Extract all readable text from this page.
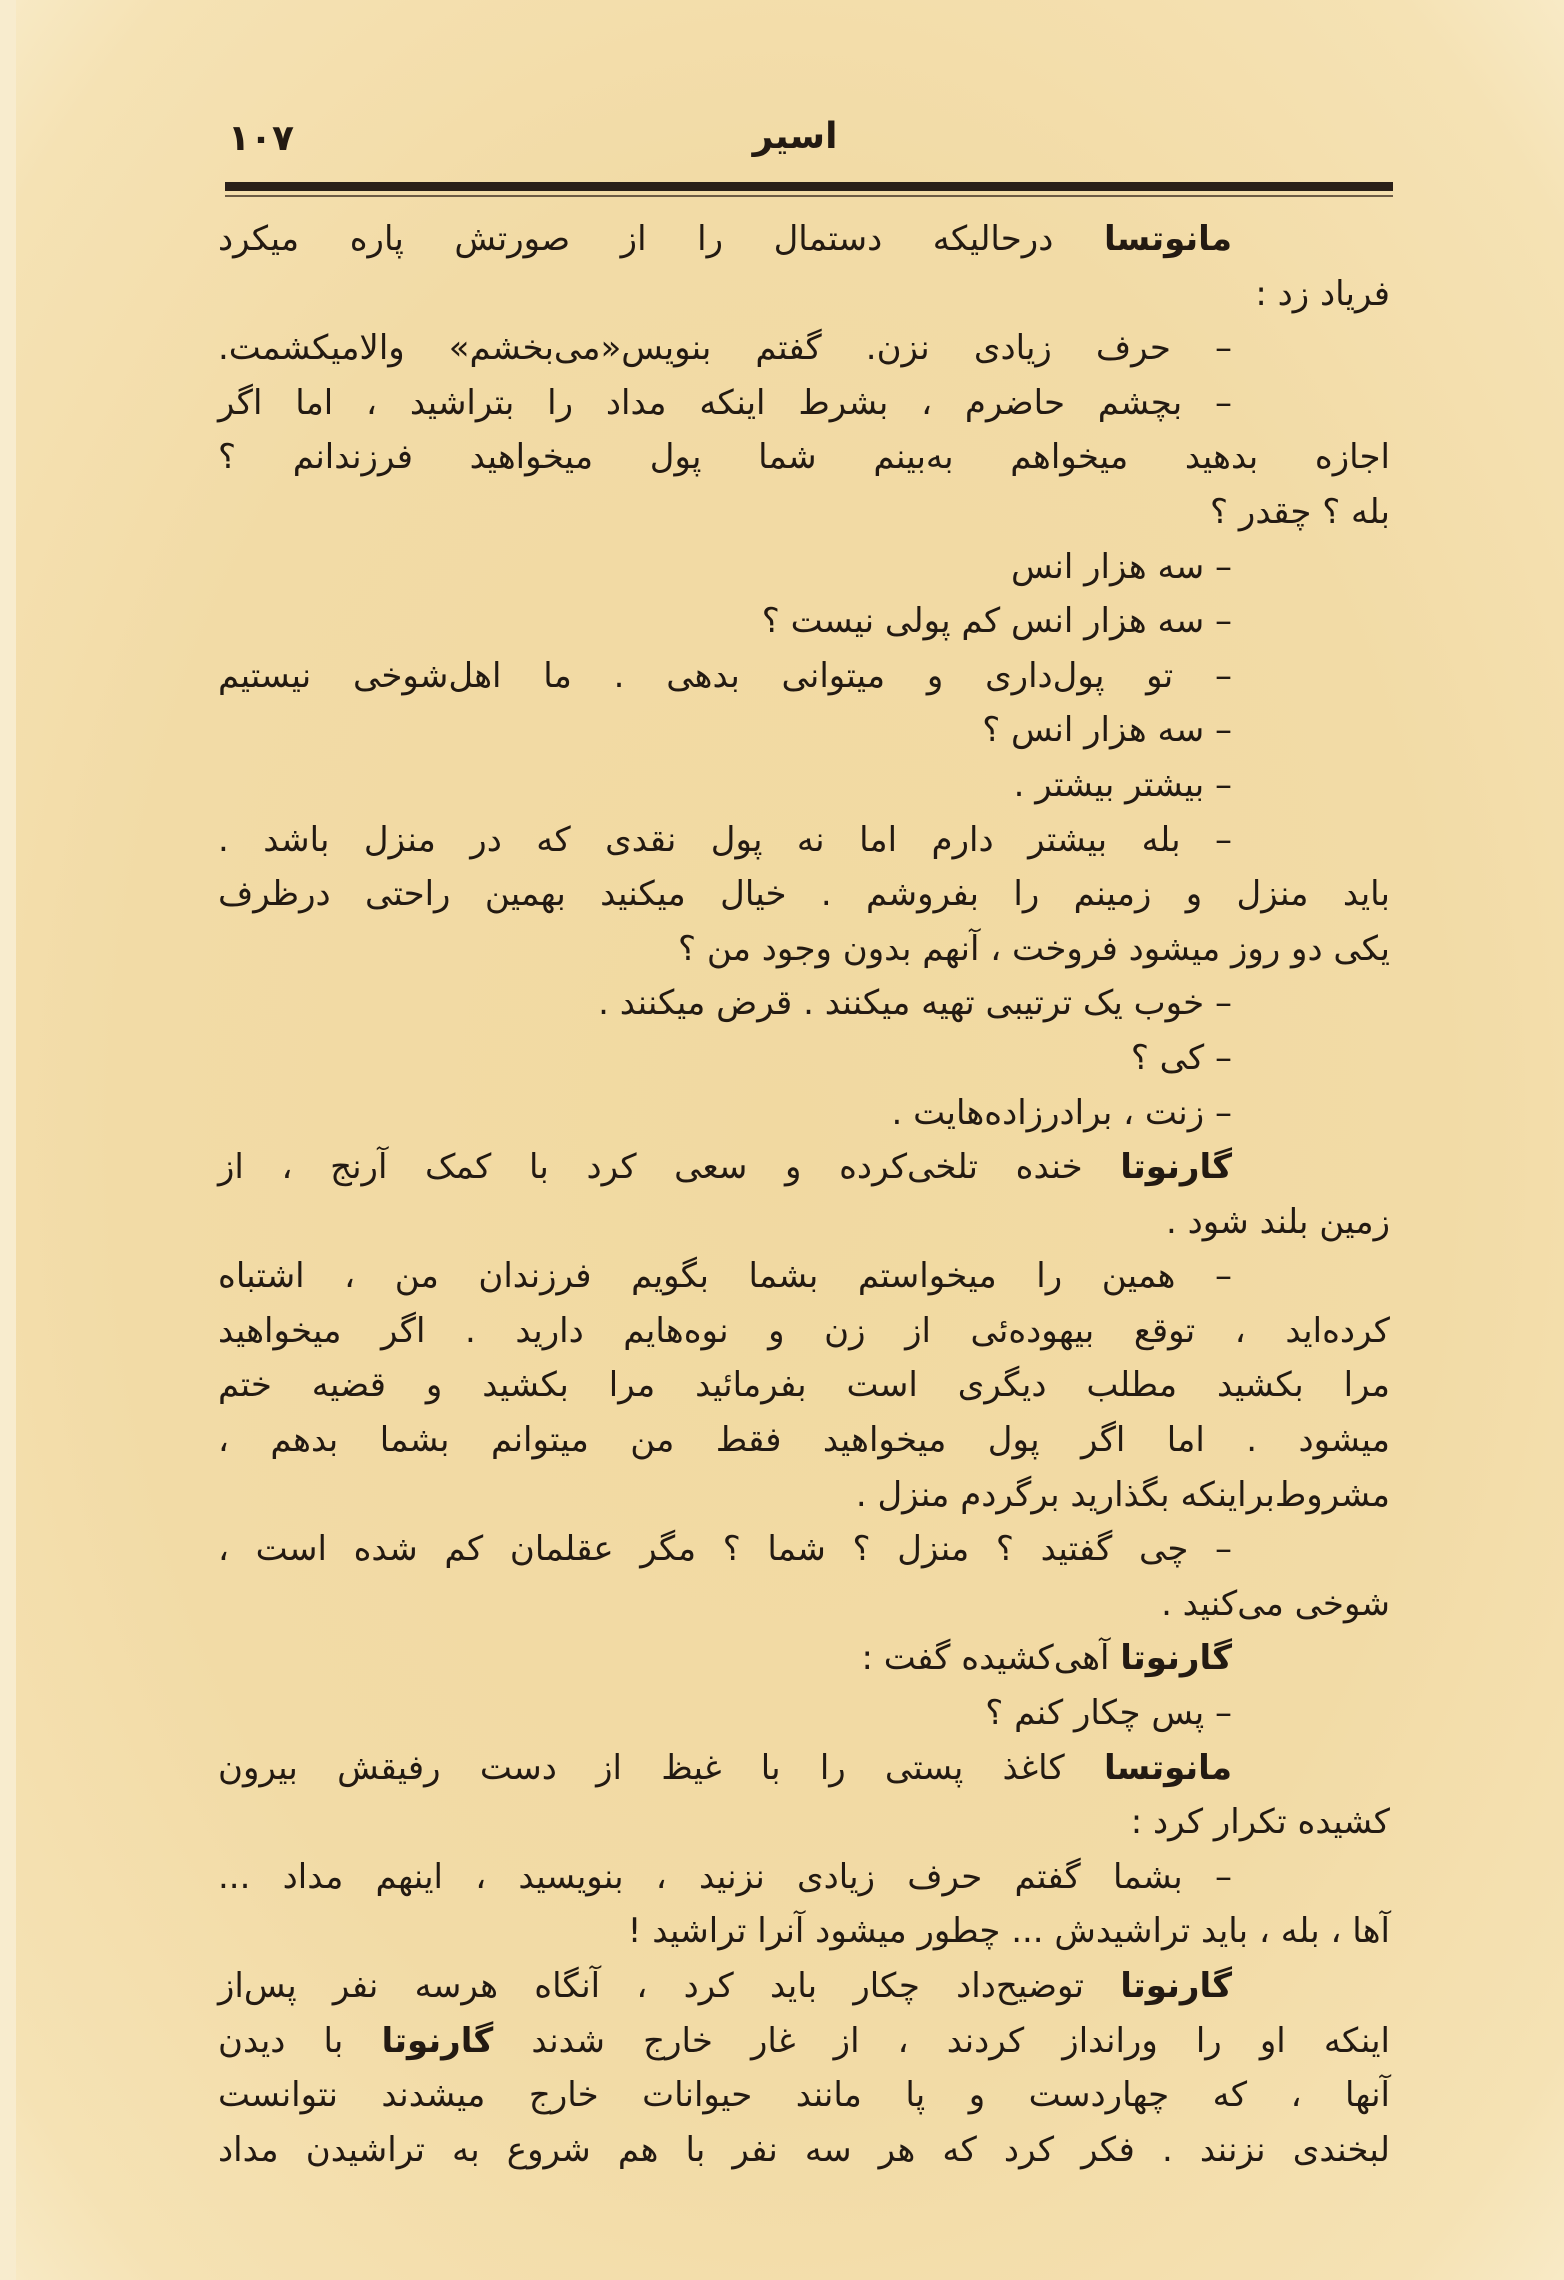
١٠٧	اسیر
مانوتسا درحالیکه دستمال را از صورتش پاره میکرد
فریاد زد :
– حرف زیادی نزن. گفتم بنویس«می‌بخشم» والامیکشمت.
– بچشم حاضرم ، بشرط اینکه مداد را بتراشید ، اما اگر
اجازه بدهید میخواهم به‌بینم شما پول میخواهید فرزندانم ؟
بله ؟ چقدر ؟
– سه هزار انس
– سه هزار انس کم پولی نیست ؟
– تو پول‌داری و میتوانی بدهی . ما اهل‌شوخی نیستیم
– سه هزار انس ؟
– بیشتر بیشتر .
– بله بیشتر دارم اما نه پول نقدی که در منزل باشد .
باید منزل و زمینم را بفروشم . خیال میکنید بهمین راحتی درظرف
یکی دو روز میشود فروخت ، آنهم بدون وجود من ؟
– خوب یک ترتیبی تهیه میکنند . قرض میکنند .
– کی ؟
– زنت ، برادرزاده‌هایت .
گارنوتا خنده تلخی‌کرده و سعی کرد با کمک آرنج ، از
زمین بلند شود .
– همین را میخواستم بشما بگویم فرزندان من ، اشتباه
کرده‌اید ، توقع بیهوده‌ئی از زن و نوه‌هایم دارید . اگر میخواهید
مرا بکشید مطلب دیگری است بفرمائید مرا بکشید و قضیه ختم
میشود . اما اگر پول میخواهید فقط من میتوانم بشما بدهم ،
مشروط‌براینکه بگذارید برگردم منزل .
– چی گفتید ؟ منزل ؟ شما ؟ مگر عقلمان کم شده است ،
شوخی می‌کنید .
گارنوتا آهی‌کشیده گفت :
– پس چکار کنم ؟
مانوتسا کاغذ پستی را با غیظ از دست رفیقش بیرون
کشیده تکرار کرد :
– بشما گفتم حرف زیادی نزنید ، بنویسید ، اینهم مداد ...
آها ، بله ، باید تراشیدش ... چطور میشود آنرا تراشید !
گارنوتا توضیح‌داد چکار باید کرد ، آنگاه هرسه نفر پس‌از
اینکه او را ورانداز کردند ، از غار خارج شدند گارنوتا با دیدن
آنها ، که چهاردست و پا مانند حیوانات خارج میشدند نتوانست
لبخندی نزنند . فکر کرد که هر سه نفر با هم شروع به تراشیدن مداد
